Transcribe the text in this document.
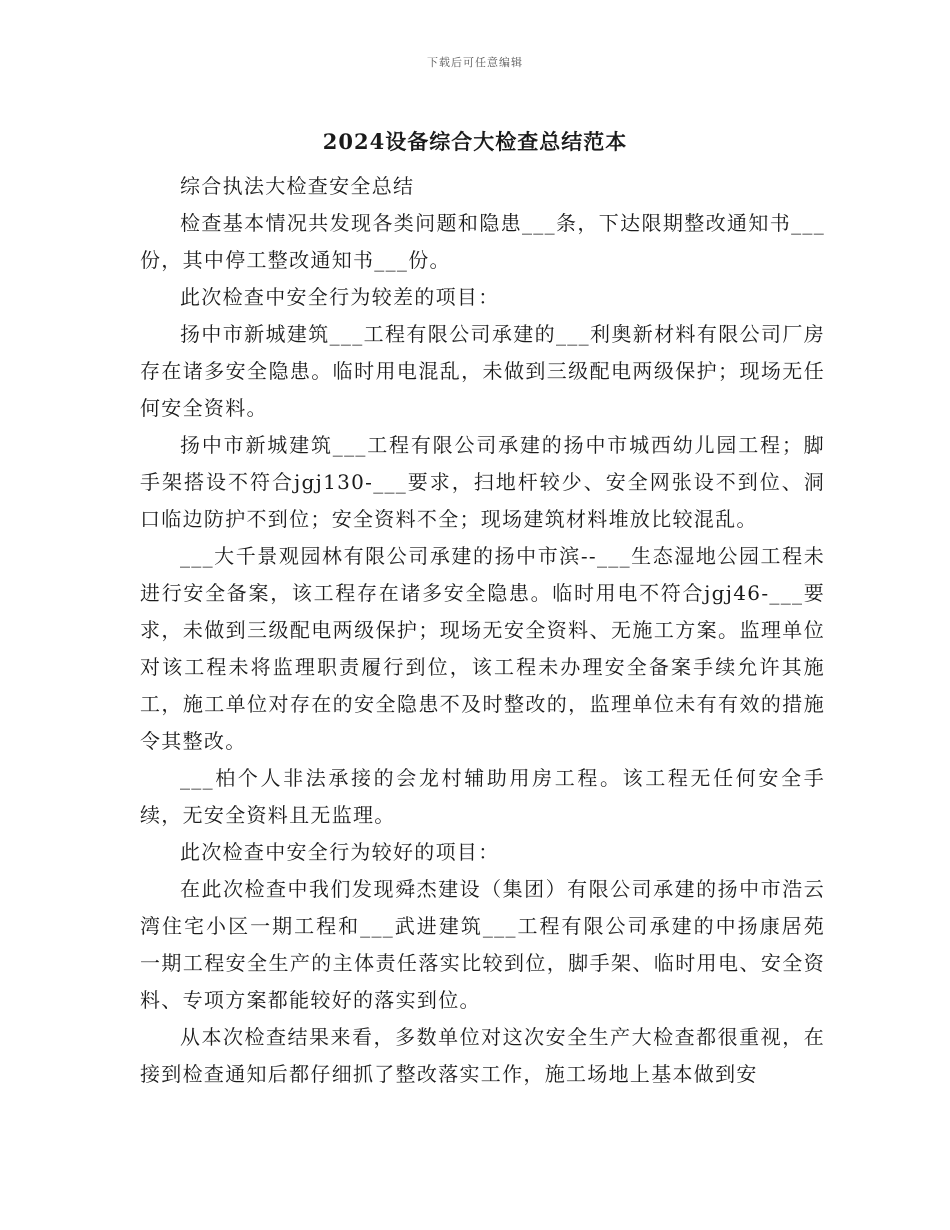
下载后可任意编辑
2024设备综合大检查总结范本

综合执法大检查安全总结

检查基本情况共发现各类问题和隐患___条，下达限期整改通知书___份，其中停工整改通知书___份。

此次检查中安全行为较差的项目：

扬中市新城建筑___工程有限公司承建的___利奥新材料有限公司厂房存在诸多安全隐患。临时用电混乱，未做到三级配电两级保护；现场无任何安全资料。

扬中市新城建筑___工程有限公司承建的扬中市城西幼儿园工程；脚手架搭设不符合jgj130-___要求，扫地杆较少、安全网张设不到位、洞口临边防护不到位；安全资料不全；现场建筑材料堆放比较混乱。

___大千景观园林有限公司承建的扬中市滨--___生态湿地公园工程未进行安全备案，该工程存在诸多安全隐患。临时用电不符合jgj46-___要求，未做到三级配电两级保护；现场无安全资料、无施工方案。监理单位对该工程未将监理职责履行到位，该工程未办理安全备案手续允许其施工，施工单位对存在的安全隐患不及时整改的，监理单位未有有效的措施令其整改。

___柏个人非法承接的会龙村辅助用房工程。该工程无任何安全手续，无安全资料且无监理。

此次检查中安全行为较好的项目：

在此次检查中我们发现舜杰建设（集团）有限公司承建的扬中市浩云湾住宅小区一期工程和___武进建筑___工程有限公司承建的中扬康居苑一期工程安全生产的主体责任落实比较到位，脚手架、临时用电、安全资料、专项方案都能较好的落实到位。

从本次检查结果来看，多数单位对这次安全生产大检查都很重视，在接到检查通知后都仔细抓了整改落实工作，施工场地上基本做到安
